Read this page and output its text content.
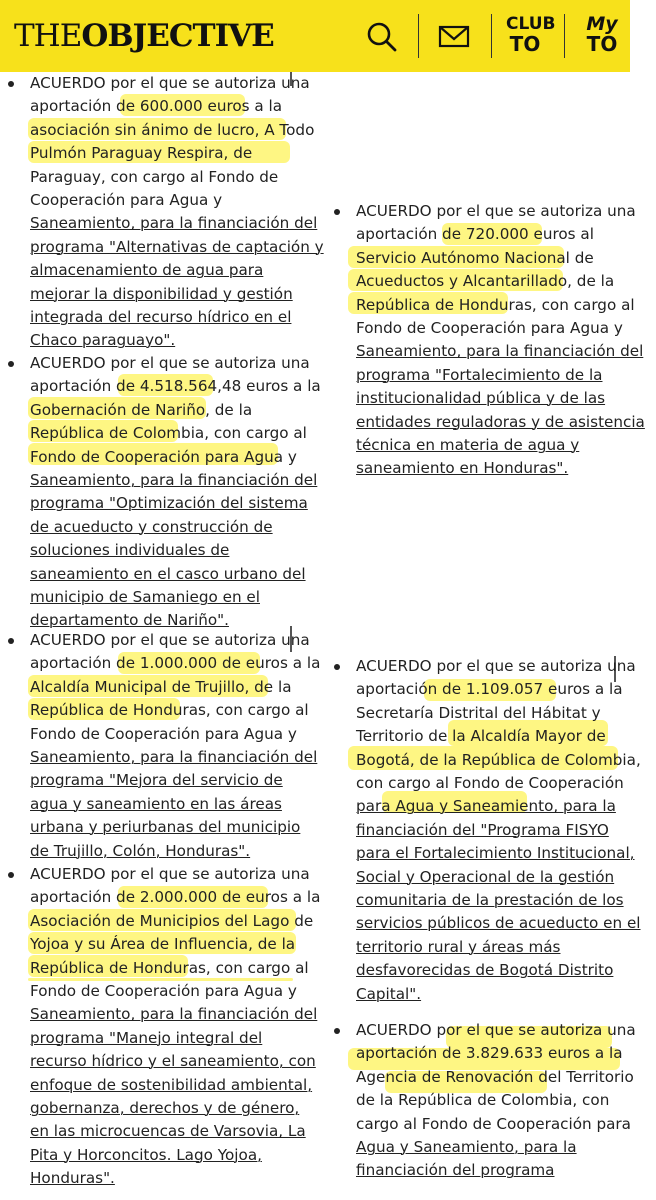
THEOBJECTIVE	CLUB
TO
My
TO

ACUERDO por el que se autoriza una
aportación de 600.000 euros a la
asociación sin ánimo de lucro, A Todo
Pulmón Paraguay Respira, de
Paraguay, con cargo al Fondo de
Cooperación para Agua y
Saneamiento, para la financiación del
programa "Alternativas de captación y
almacenamiento de agua para
mejorar la disponibilidad y gestión
integrada del recurso hídrico en el
Chaco paraguayo".

ACUERDO por el que se autoriza una
aportación de 4.518.564,48 euros a la
Gobernación de Nariño, de la
República de Colombia, con cargo al
Fondo de Cooperación para Agua y
Saneamiento, para la financiación del
programa "Optimización del sistema
de acueducto y construcción de
soluciones individuales de
saneamiento en el casco urbano del
municipio de Samaniego en el
departamento de Nariño".

ACUERDO por el que se autoriza una
aportación de 1.000.000 de euros a la
Alcaldía Municipal de Trujillo, de la
República de Honduras, con cargo al
Fondo de Cooperación para Agua y
Saneamiento, para la financiación del
programa "Mejora del servicio de
agua y saneamiento en las áreas
urbana y periurbanas del municipio
de Trujillo, Colón, Honduras".

ACUERDO por el que se autoriza una
aportación de 2.000.000 de euros a la
Asociación de Municipios del Lago de
Yojoa y su Área de Influencia, de la
República de Honduras, con cargo al
Fondo de Cooperación para Agua y
Saneamiento, para la financiación del
programa "Manejo integral del
recurso hídrico y el saneamiento, con
enfoque de sostenibilidad ambiental,
gobernanza, derechos y de género,
en las microcuencas de Varsovia, La
Pita y Horconcitos. Lago Yojoa,
Honduras".

ACUERDO por el que se autoriza una
aportación de 720.000 euros al
Servicio Autónomo Nacional de
Acueductos y Alcantarillado, de la
República de Honduras, con cargo al
Fondo de Cooperación para Agua y
Saneamiento, para la financiación del
programa "Fortalecimiento de la
institucionalidad pública y de las
entidades reguladoras y de asistencia
técnica en materia de agua y
saneamiento en Honduras".

ACUERDO por el que se autoriza una
aportación de 1.109.057 euros a la
Secretaría Distrital del Hábitat y
Territorio de la Alcaldía Mayor de
Bogotá, de la República de Colombia,
con cargo al Fondo de Cooperación
para Agua y Saneamiento, para la
financiación del "Programa FISYO
para el Fortalecimiento Institucional,
Social y Operacional de la gestión
comunitaria de la prestación de los
servicios públicos de acueducto en el
territorio rural y áreas más
desfavorecidas de Bogotá Distrito
Capital".

ACUERDO por el que se autoriza una
aportación de 3.829.633 euros a la
Agencia de Renovación del Territorio
de la República de Colombia, con
cargo al Fondo de Cooperación para
Agua y Saneamiento, para la
financiación del programa
